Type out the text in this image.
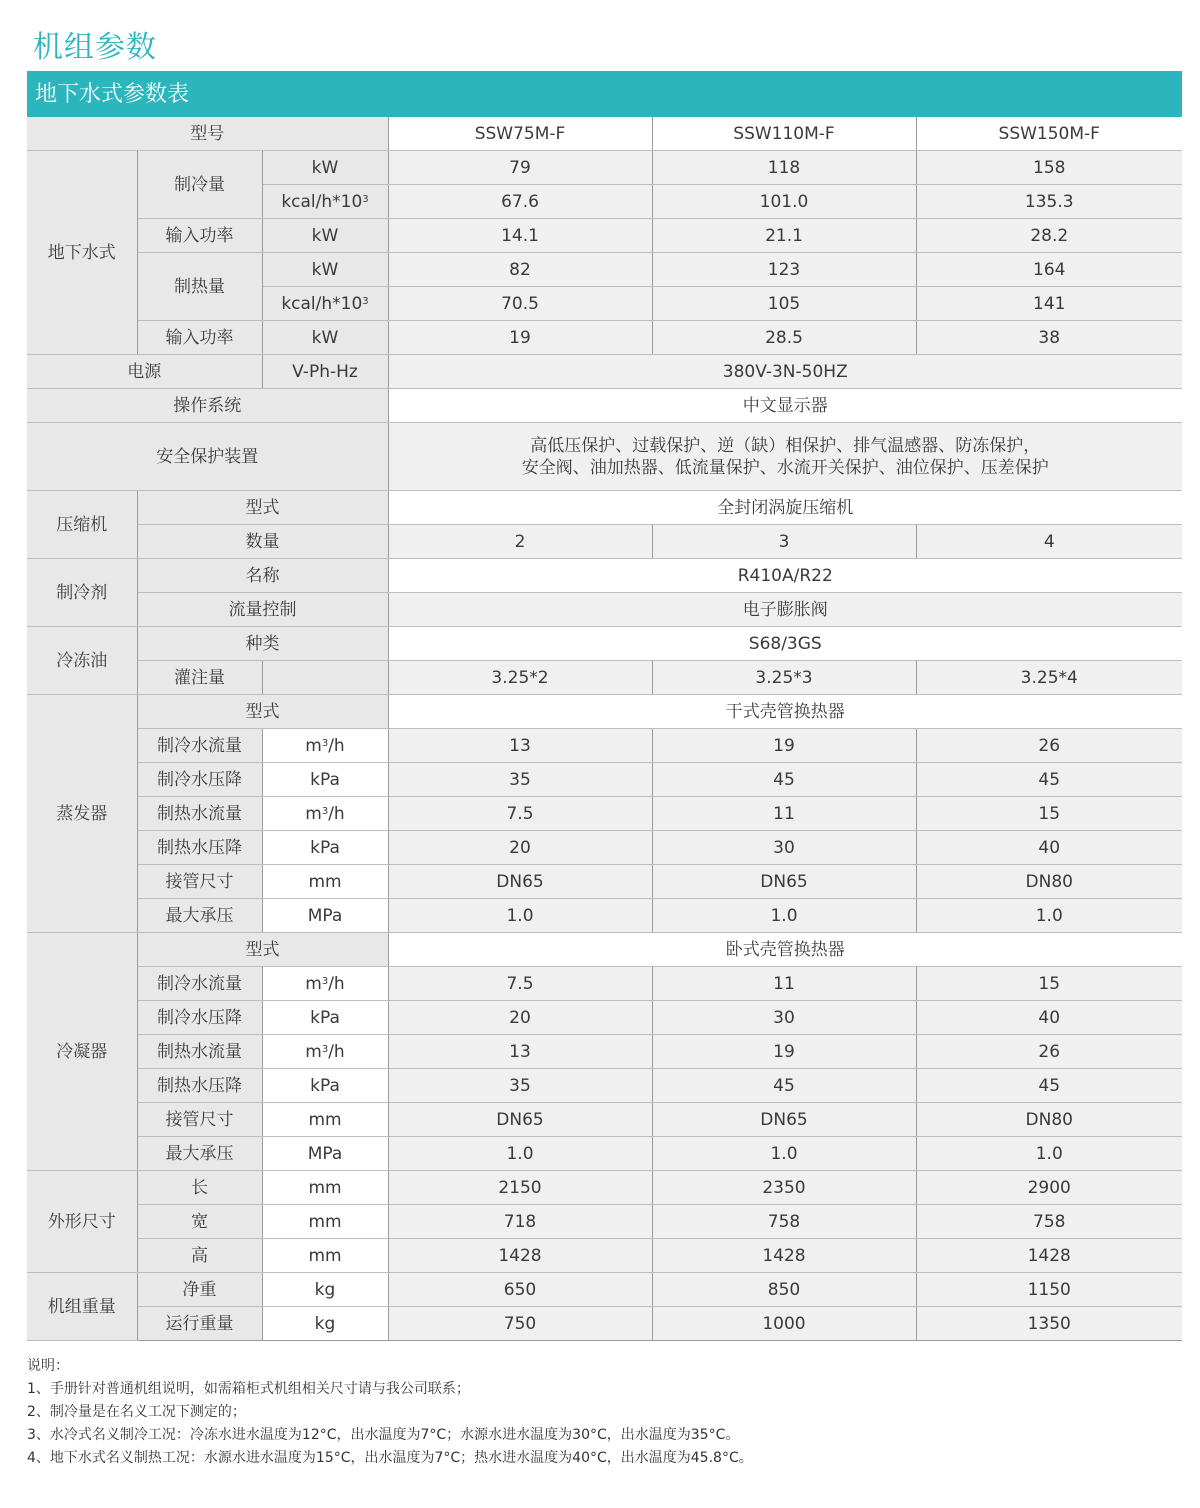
机组参数
地下水式参数表
型号			SSW75M-F	SSW110M-F	SSW150M-F
地下水式	制冷量	kW	79	118	158
		kcal/$h*10^3$	67.6	101.0	135.3
	输入功率	kW	14.1	21.1	28.2
	制热量	kW	82	123	164
		kcal/$h*10^3$	70.5	105	141
	输入功率	kW	19	28.5	38
电源		V-Ph-Hz	380V-3N-50HZ		
操作系统			中文显示器		
安全保护装置			高低压保护、过载保护、逆（缺）相保护、排气温感器、防冻保护，
安全阀、油加热器、低流量保护、水流开关保护、油位保护、压差保护		

压缩机	型式		全封闭涡旋压缩机		
	数量		2	3	4
制冷剂	名称		R410A/R22		
	流量控制		电子膨胀阀		
冷冻油	种类		S68/3GS		
	灌注量		3.25*2	3.25*3	3.25*4
蒸发器	型式		干式壳管换热器		
	制冷水流量	$m^3/h$	13	19	26
	制冷水压降	kPa	35	45	45
	制热水流量	$m^3/h$	7.5	11	15
	制热水压降	kPa	20	30	40
	接管尺寸	mm	DN65	DN65	DN80
	最大承压	MPa	1.0	1.0	1.0
冷凝器	型式		卧式壳管换热器		
	制冷水流量	$m^3/h$	7.5	11	15
	制冷水压降	kPa	20	30	40
	制热水流量	$m^3/h$	13	19	26
	制热水压降	kPa	35	45	45
	接管尺寸	mm	DN65	DN65	DN80
	最大承压	MPa	1.0	1.0	1.0
外形尺寸	长	mm	2150	2350	2900
	宽	mm	718	758	758
	高	mm	1428	1428	1428
机组重量	净重	kg	650	850	1150
	运行重量	kg	750	1000	1350
说明：
1、手册针对普通机组说明，如需箱柜式机组相关尺寸请与我公司联系；
2、制冷量是在名义工况下测定的；
3、水冷式名义制冷工况：冷冻水进水温度为12°C，出水温度为7°C；水源水进水温度为30°C，出水温度为35°C。
4、地下水式名义制热工况：水源水进水温度为15°C，出水温度为7°C；热水进水温度为40°C，出水温度为45.8°C。
